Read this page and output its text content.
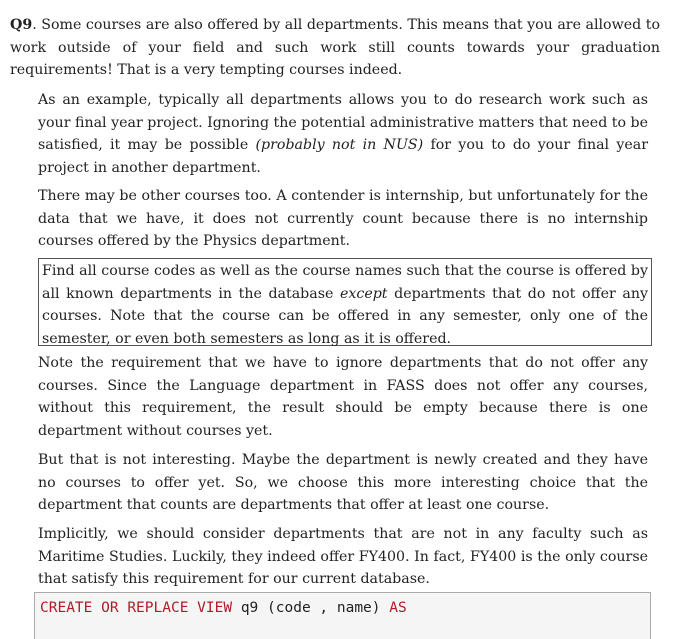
Q9. Some courses are also offered by all departments. This means that you are allowed to work outside of your field and such work still counts towards your graduation requirements! That is a very tempting courses indeed.
As an example, typically all departments allows you to do research work such as your final year project. Ignoring the potential administrative matters that need to be satisfied, it may be possible (probably not in NUS) for you to do your final year project in another department.
There may be other courses too. A contender is internship, but unfortunately for the data that we have, it does not currently count because there is no internship courses offered by the Physics department.
Find all course codes as well as the course names such that the course is offered by all known departments in the database except departments that do not offer any courses. Note that the course can be offered in any semester, only one of the semester, or even both semesters as long as it is offered.
Note the requirement that we have to ignore departments that do not offer any courses. Since the Language department in FASS does not offer any courses, without this requirement, the result should be empty because there is one department without courses yet.
But that is not interesting. Maybe the department is newly created and they have no courses to offer yet. So, we choose this more interesting choice that the department that counts are departments that offer at least one course.
Implicitly, we should consider departments that are not in any faculty such as Maritime Studies. Luckily, they indeed offer FY400. In fact, FY400 is the only course that satisfy this requirement for our current database.
CREATE OR REPLACE VIEW q9 (code , name) AS
